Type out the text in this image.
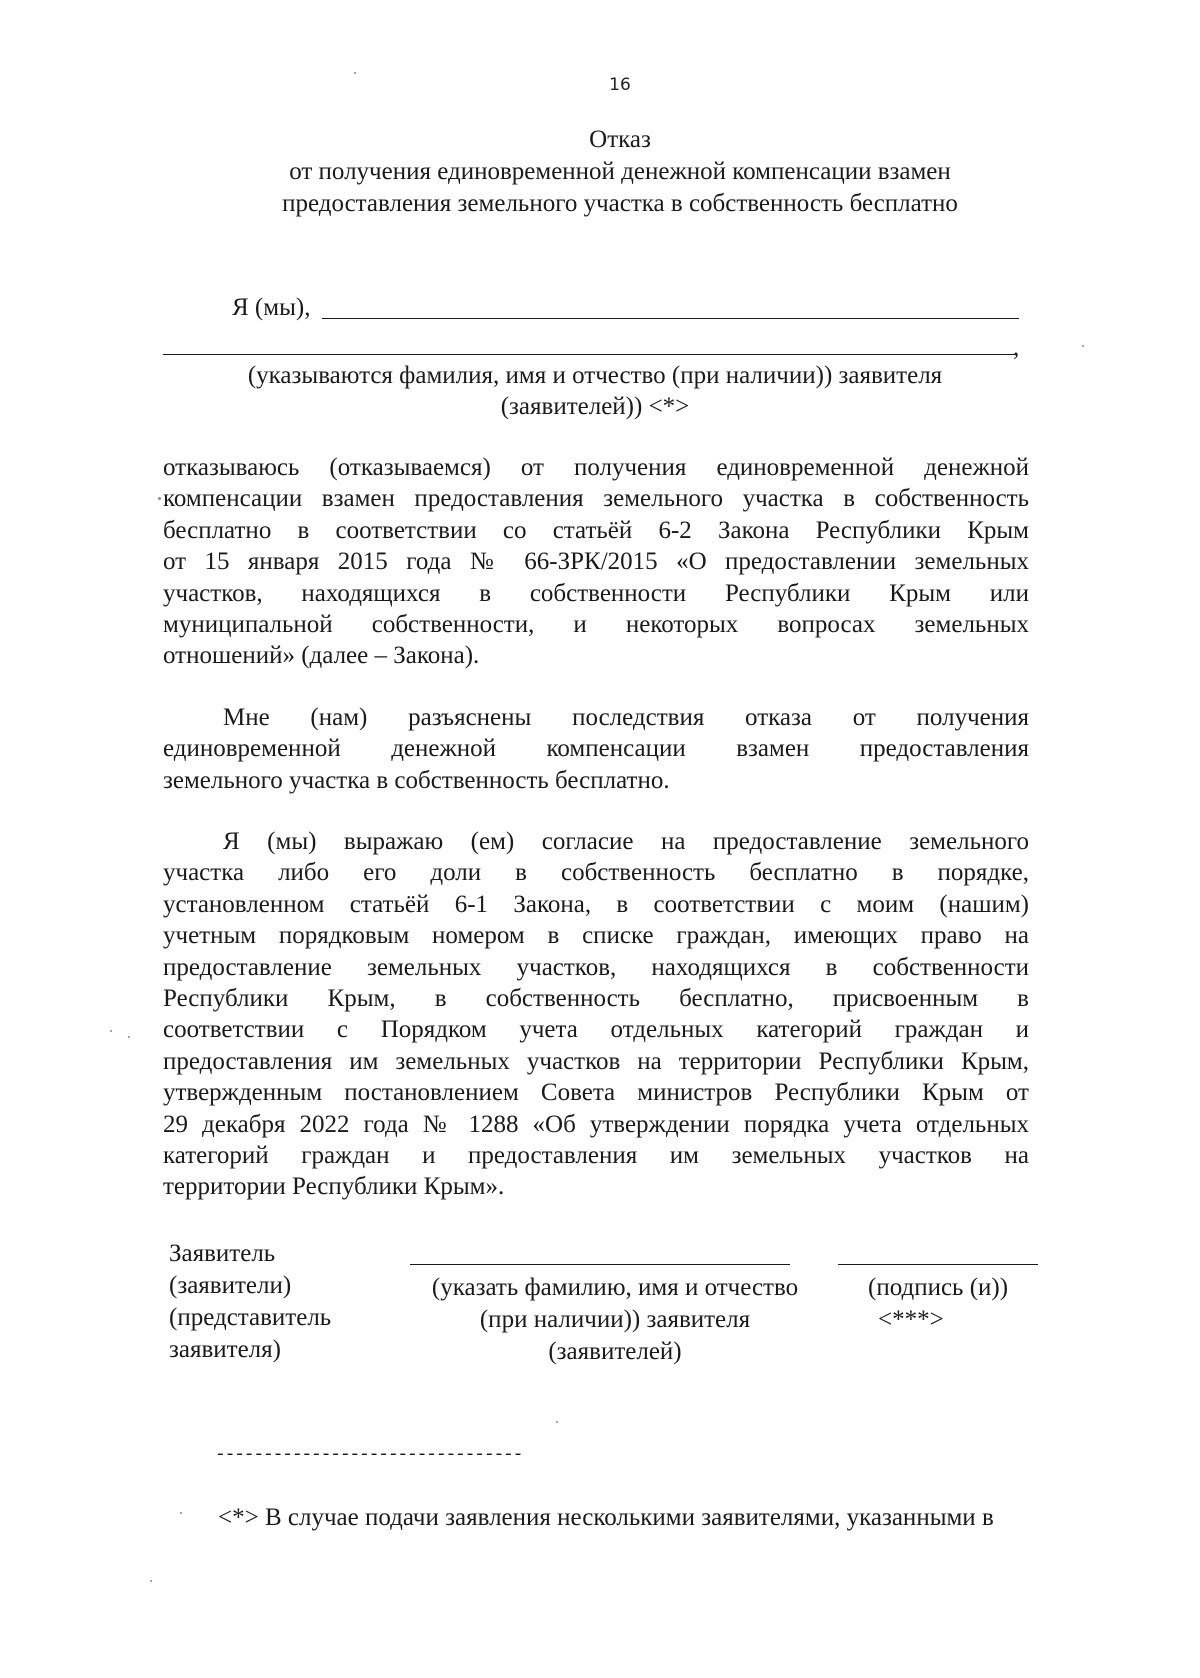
16
Отказ
от получения единовременной денежной компенсации взамен
предоставления земельного участка в собственность бесплатно
Я (мы),
,
(указываются фамилия, имя и отчество (при наличии)) заявителя
(заявителей)) <*>
отказываюсь (отказываемся) от получения единовременной денежной
компенсации взамен предоставления земельного участка в собственность
бесплатно в соответствии со статьёй 6-2 Закона Республики Крым
от 15 января 2015 года № 66-ЗРК/2015 «О предоставлении земельных
участков, находящихся в собственности Республики Крым или
муниципальной собственности, и некоторых вопросах земельных
отношений» (далее – Закона).
Мне (нам) разъяснены последствия отказа от получения
единовременной денежной компенсации взамен предоставления
земельного участка в собственность бесплатно.
Я (мы) выражаю (ем) согласие на предоставление земельного
участка либо его доли в собственность бесплатно в порядке,
установленном статьёй 6-1 Закона, в соответствии с моим (нашим)
учетным порядковым номером в списке граждан, имеющих право на
предоставление земельных участков, находящихся в собственности
Республики Крым, в собственность бесплатно, присвоенным в
соответствии с Порядком учета отдельных категорий граждан и
предоставления им земельных участков на территории Республики Крым,
утвержденным постановлением Совета министров Республики Крым от
29 декабря 2022 года № 1288 «Об утверждении порядка учета отдельных
категорий граждан и предоставления им земельных участков на
территории Республики Крым».
Заявитель
(заявители)
(представитель
заявителя)
(указать фамилию, имя и отчество
(при наличии)) заявителя
(заявителей)
(подпись (и))
<***>
--------------------------------
<*> В случае подачи заявления несколькими заявителями, указанными в
